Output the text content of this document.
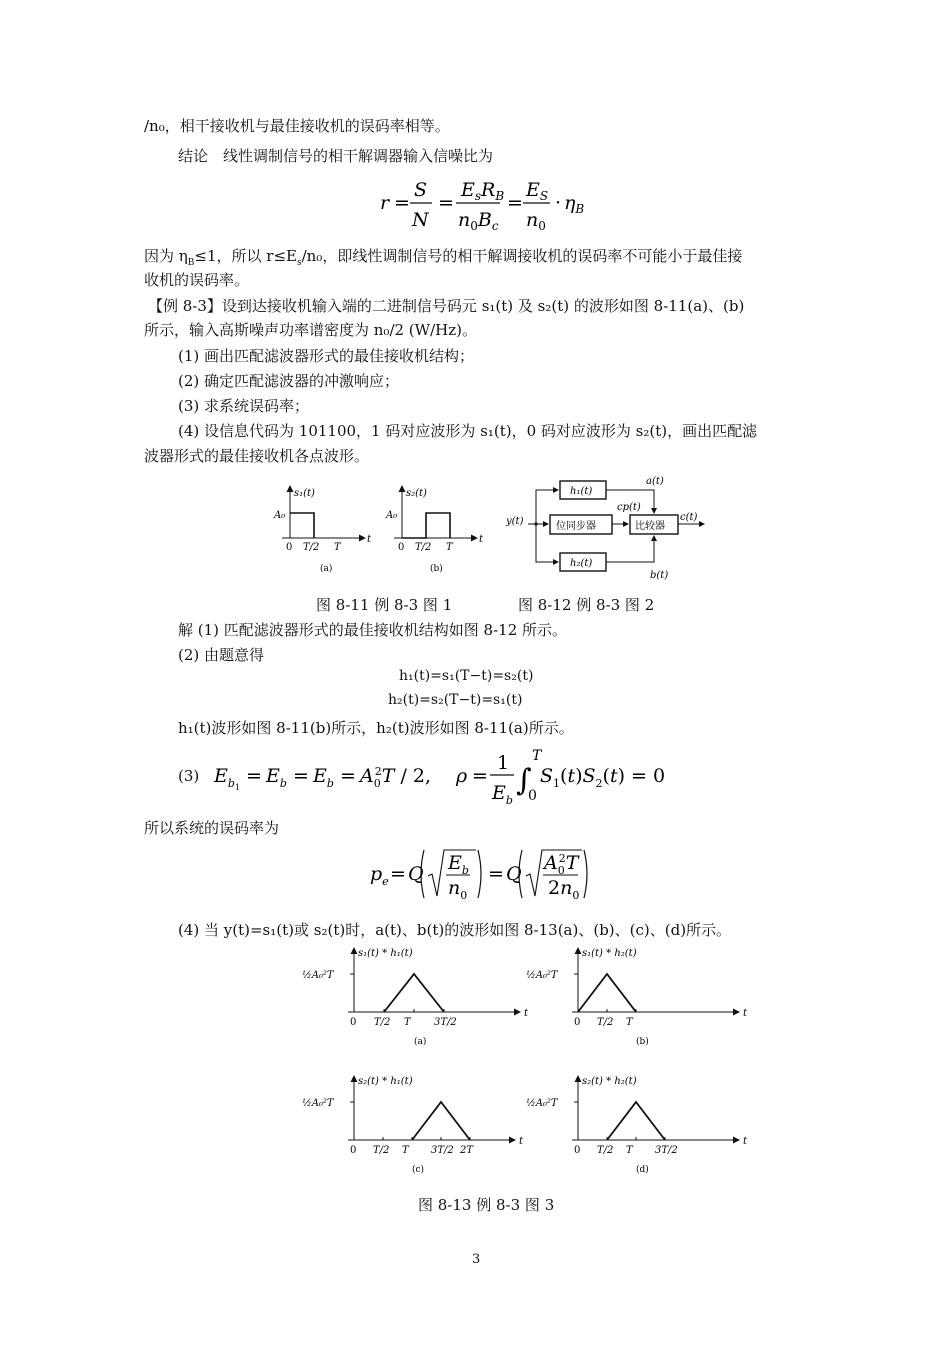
/n₀，相干接收机与最佳接收机的误码率相等。
结论　线性调制信号的相干解调器输入信噪比为
r =
S
N
=
$E_sR_B$
$n_0B_c$
=
$E_S$
$n_0$
· $\eta_B$
因为 $\eta_B\le 1$，所以 $r\le E_s/n_0$，即线性调制信号的相干解调接收机的误码率不可能小于最佳接
收机的误码率。
【例 8-3】设到达接收机输入端的二进制信号码元 s₁(t) 及 s₂(t) 的波形如图 8-11(a)、(b)
所示，输入高斯噪声功率谱密度为 n₀/2 (W/Hz)。
(1) 画出匹配滤波器形式的最佳接收机结构；
(2) 确定匹配滤波器的冲激响应；
(3) 求系统误码率；
(4) 设信息代码为 101100，1 码对应波形为 s₁(t)，0 码对应波形为 s₂(t)，画出匹配滤
波器形式的最佳接收机各点波形。
s₁(t)
A₀
0 T/2 T
t
(a)
s₂(t)
A₀
0 T/2 T
t
(b)
y(t)
h₁(t)
h₂(t)
位同步器	比较器
cp(t)
a(t)
b(t)
c(t)
图 8-11 例 8-3 图 1	图 8-12 例 8-3 图 2
解 (1) 匹配滤波器形式的最佳接收机结构如图 8-12 所示。
(2) 由题意得
h₁(t)=s₁(T−t)=s₂(t)
h₂(t)=s₂(T−t)=s₁(t)
h₁(t)波形如图 8-11(b)所示，h₂(t)波形如图 8-11(a)所示。
(3) $E_b1$
= $E_b = E_b = A_02T / 2$, ρ =
1
$E_b$
∫
T
0
$S_1(t)S_2(t) = 0$
所以系统的误码率为
$p_e = Q$ $E_b$
$n_0$
= Q $A_02T$
$2n_0$
(4) 当 y(t)=s₁(t)或 s₂(t)时，a(t)、b(t)的波形如图 8-13(a)、(b)、(c)、(d)所示。
s₁(t) * h₁(t)
½A₀²T
0 T/2 T 3T/2
t
(a)
s₁(t) * h₂(t)
½A₀²T
0 T/2 T
t
(b)
s₂(t) * h₁(t)
½A₀²T
0 T/2 T 3T/2 2T
t
(c)
s₂(t) * h₂(t)
½A₀²T
0 T/2 T 3T/2
t
(d)
图 8-13 例 8-3 图 3
3
